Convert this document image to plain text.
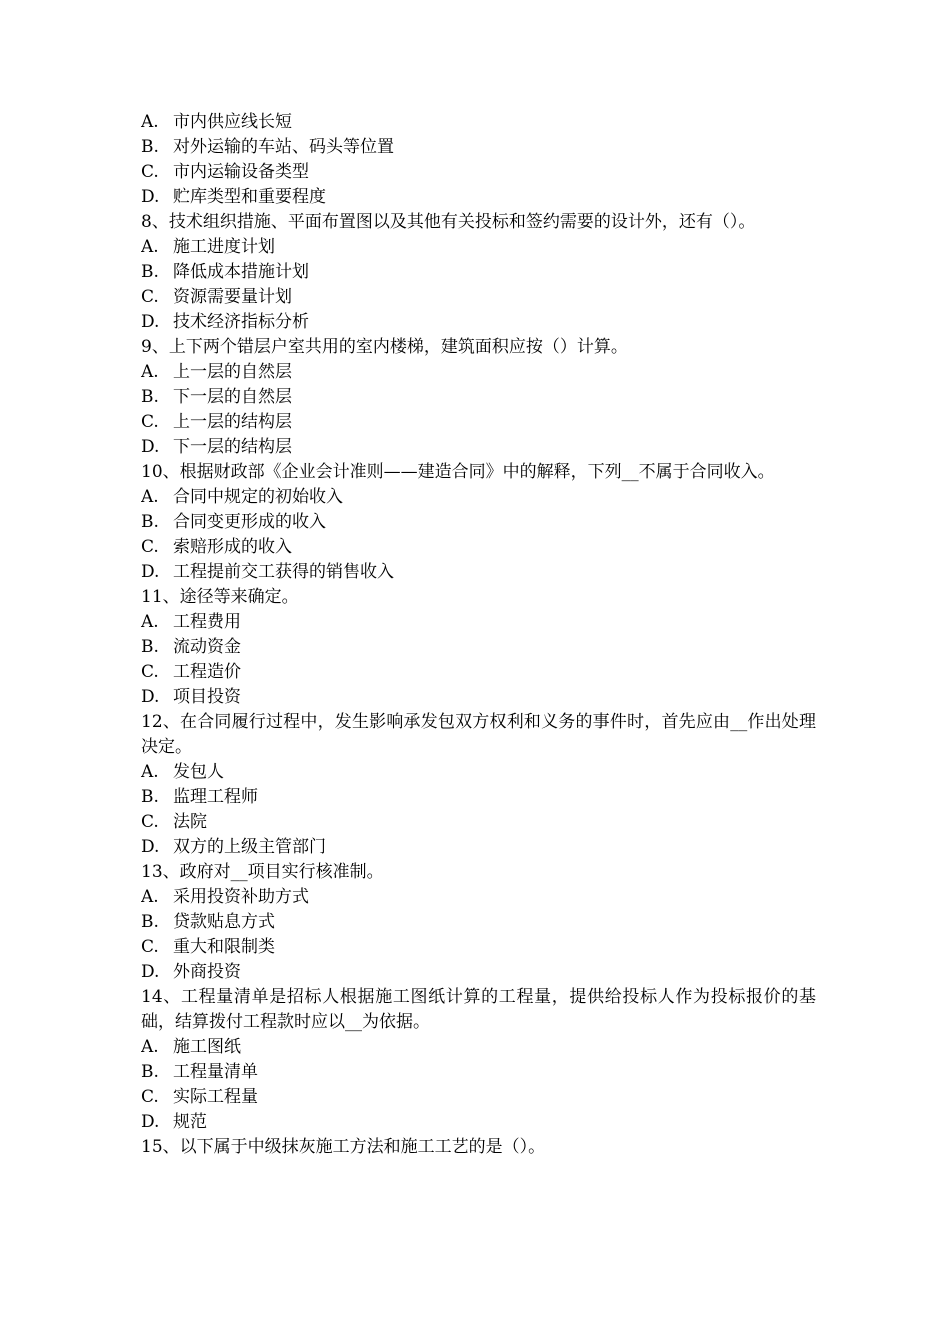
A. 市内供应线长短
B. 对外运输的车站、码头等位置
C. 市内运输设备类型
D. 贮库类型和重要程度
8、技术组织措施、平面布置图以及其他有关投标和签约需要的设计外，还有（）。
A. 施工进度计划
B. 降低成本措施计划
C. 资源需要量计划
D. 技术经济指标分析
9、上下两个错层户室共用的室内楼梯，建筑面积应按（）计算。
A. 上一层的自然层
B. 下一层的自然层
C. 上一层的结构层
D. 下一层的结构层
10、根据财政部《企业会计准则——建造合同》中的解释，下列__不属于合同收入。
A. 合同中规定的初始收入
B. 合同变更形成的收入
C. 索赔形成的收入
D. 工程提前交工获得的销售收入
11、途径等来确定。
A. 工程费用
B. 流动资金
C. 工程造价
D. 项目投资
12、在合同履行过程中，发生影响承发包双方权利和义务的事件时，首先应由__作出处理决定。
A. 发包人
B. 监理工程师
C. 法院
D. 双方的上级主管部门
13、政府对__项目实行核准制。
A. 采用投资补助方式
B. 贷款贴息方式
C. 重大和限制类
D. 外商投资
14、工程量清单是招标人根据施工图纸计算的工程量，提供给投标人作为投标报价的基础，结算拨付工程款时应以__为依据。
A. 施工图纸
B. 工程量清单
C. 实际工程量
D. 规范
15、以下属于中级抹灰施工方法和施工工艺的是（）。
